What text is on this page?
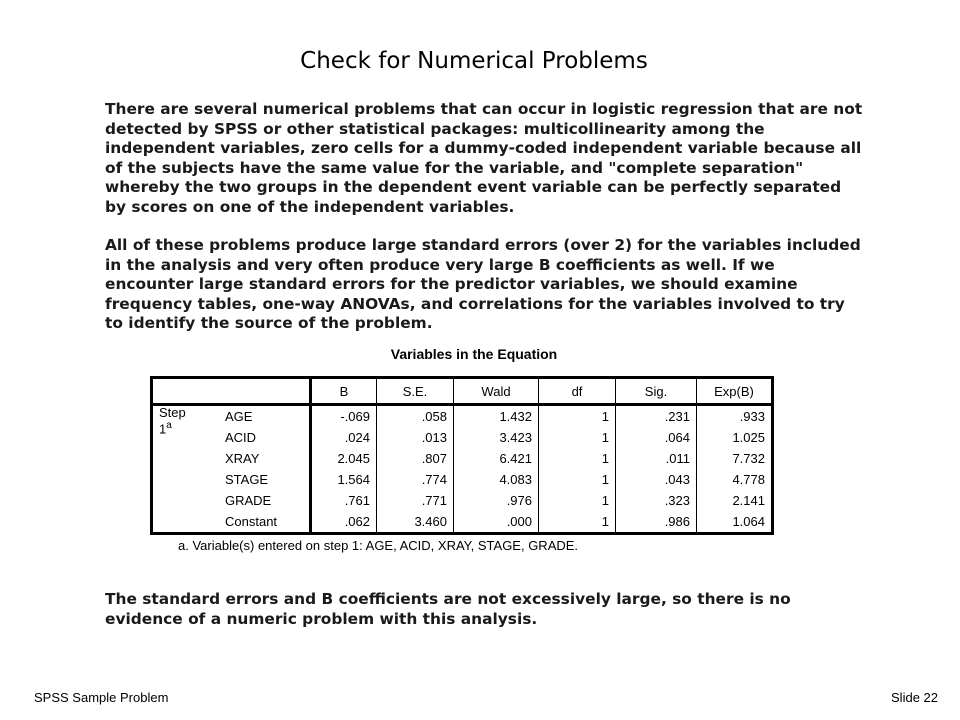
Check for Numerical Problems

There are several numerical problems that can occur in logistic regression that are not detected by SPSS or other statistical packages: multicollinearity among the independent variables, zero cells for a dummy-coded independent variable because all of the subjects have the same value for the variable, and "complete separation" whereby the two groups in the dependent event variable can be perfectly separated by scores on one of the independent variables.

All of these problems produce large standard errors (over 2) for the variables included in the analysis and very often produce very large B coefficients as well. If we encounter large standard errors for the predictor variables, we should examine frequency tables, one-way ANOVAs, and correlations for the variables involved to try to identify the source of the problem.

Variables in the Equation
		B	S.E.	Wald	df	Sig.	Exp(B)
Step
1$^a$	AGE	-.069	.058	1.432	1	.231	.933
	ACID	.024	.013	3.423	1	.064	1.025
	XRAY	2.045	.807	6.421	1	.011	7.732
	STAGE	1.564	.774	4.083	1	.043	4.778
	GRADE	.761	.771	.976	1	.323	2.141
	Constant	.062	3.460	.000	1	.986	1.064
a. Variable(s) entered on step 1: AGE, ACID, XRAY, STAGE, GRADE.

The standard errors and B coefficients are not excessively large, so there is no evidence of a numeric problem with this analysis.

SPSS Sample Problem	Slide 22
